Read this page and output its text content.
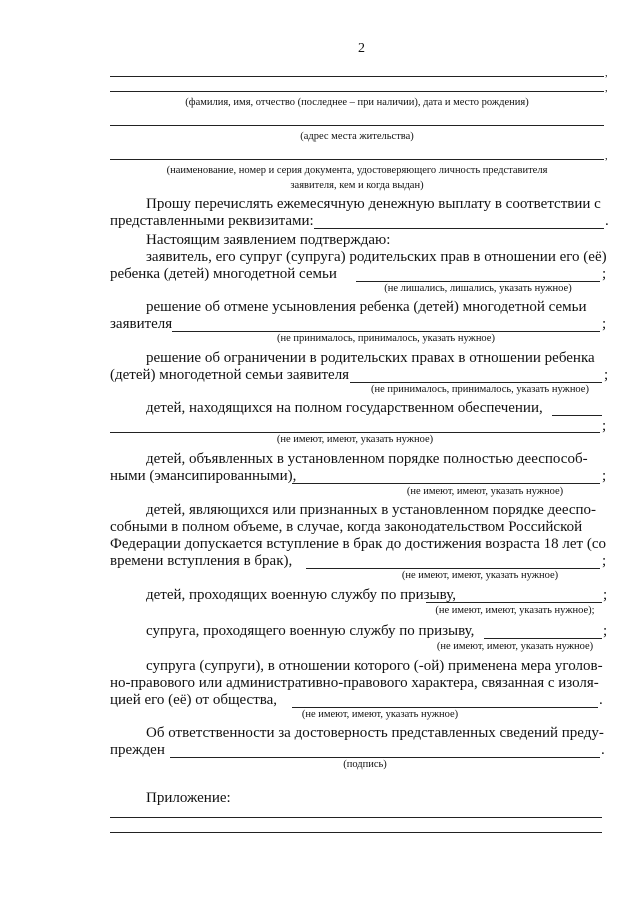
2
,
,
(фамилия, имя, отчество (последнее – при наличии), дата и место рождения)
(адрес места жительства)
,
(наименование, номер и серия документа, удостоверяющего личность представителя
заявителя, кем и когда выдан)
Прошу перечислять ежемесячную денежную выплату в соответствии с
представленными реквизитами:	.
Настоящим заявлением подтверждаю:
заявитель, его супруг (супруга) родительских прав в отношении его (её)
ребенка (детей) многодетной семьи	;
(не лишались, лишались, указать нужное)
решение об отмене усыновления ребенка (детей) многодетной семьи
заявителя	;
(не принималось, принималось, указать нужное)
решение об ограничении в родительских правах в отношении ребенка
(детей) многодетной семьи заявителя	;
(не принималось, принималось, указать нужное)
детей, находящихся на полном государственном обеспечении,
;
(не имеют, имеют, указать нужное)
детей, объявленных в установленном порядке полностью дееспособ-
ными (эмансипированными),	;
(не имеют, имеют, указать нужное)
детей, являющихся или признанных в установленном порядке дееспо-
собными в полном объеме, в случае, когда законодательством Российской
Федерации допускается вступление в брак до достижения возраста 18 лет (со
времени вступления в брак),	;
(не имеют, имеют, указать нужное)
детей, проходящих военную службу по призыву,	;
(не имеют, имеют, указать нужное);
супруга, проходящего военную службу по призыву,	;
(не имеют, имеют, указать нужное)
супруга (супруги), в отношении которого (-ой) применена мера уголов-
но-правового или административно-правового характера, связанная с изоля-
цией его (её) от общества,	.
(не имеют, имеют, указать нужное)
Об ответственности за достоверность представленных сведений преду-
прежден	.
(подпись)
Приложение:
